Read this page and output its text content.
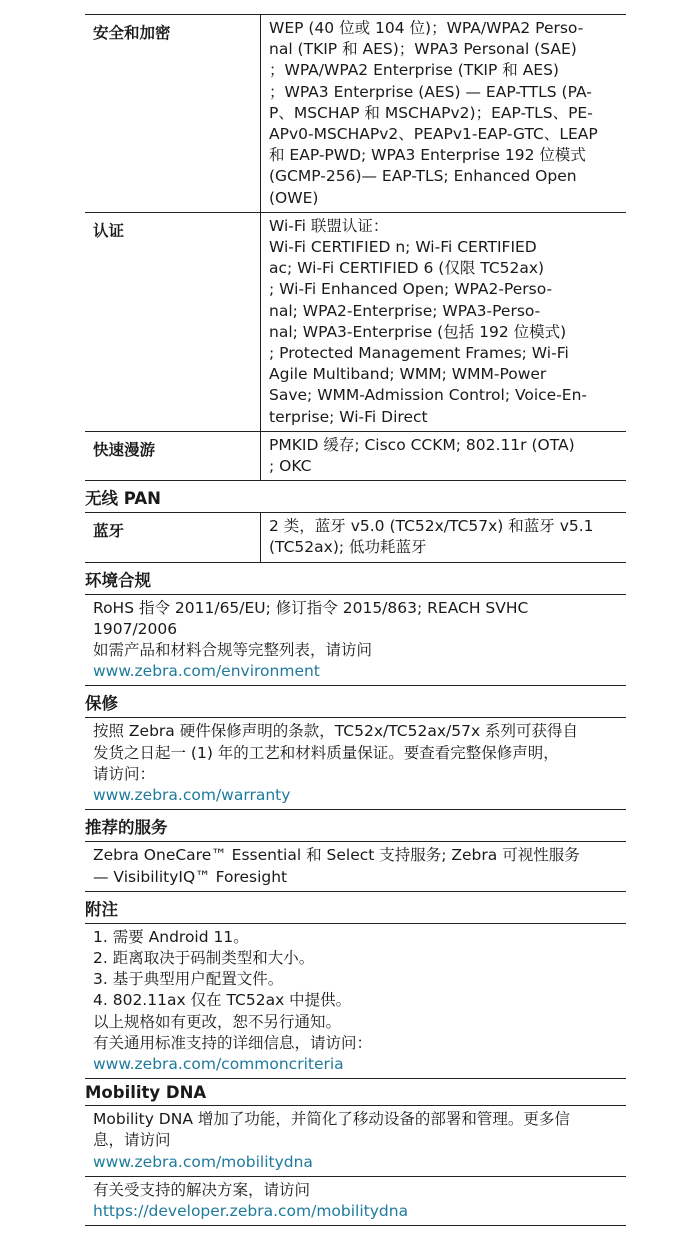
安全和加密	WEP (40 位或 104 位)；WPA/WPA2 Perso-
nal (TKIP 和 AES)；WPA3 Personal (SAE)
；WPA/WPA2 Enterprise (TKIP 和 AES)
；WPA3 Enterprise (AES) — EAP-TTLS (PA-
P、MSCHAP 和 MSCHAPv2)；EAP-TLS、PE-
APv0-MSCHAPv2、PEAPv1-EAP-GTC、LEAP
和 EAP-PWD; WPA3 Enterprise 192 位模式
(GCMP-256)— EAP-TLS; Enhanced Open
(OWE)
认证	Wi-Fi 联盟认证：
Wi-Fi CERTIFIED n; Wi-Fi CERTIFIED
ac; Wi-Fi CERTIFIED 6 (仅限 TC52ax)
; Wi-Fi Enhanced Open; WPA2-Perso-
nal; WPA2-Enterprise; WPA3-Perso-
nal; WPA3-Enterprise (包括 192 位模式)
; Protected Management Frames; Wi-Fi
Agile Multiband; WMM; WMM-Power
Save; WMM-Admission Control; Voice-En-
terprise; Wi-Fi Direct
快速漫游	PMKID 缓存; Cisco CCKM; 802.11r (OTA)
; OKC
无线 PAN
蓝牙	2 类，蓝牙 v5.0 (TC52x/TC57x) 和蓝牙 v5.1
(TC52ax); 低功耗蓝牙
环境合规
RoHS 指令 2011/65/EU; 修订指令 2015/863; REACH SVHC
1907/2006
如需产品和材料合规等完整列表，请访问
www.zebra.com/environment
保修
按照 Zebra 硬件保修声明的条款，TC52x/TC52ax/57x 系列可获得自
发货之日起一 (1) 年的工艺和材料质量保证。要查看完整保修声明，
请访问：
www.zebra.com/warranty
推荐的服务
Zebra OneCare™ Essential 和 Select 支持服务; Zebra 可视性服务
— VisibilityIQ™ Foresight
附注
1. 需要 Android 11。
2. 距离取决于码制类型和大小。
3. 基于典型用户配置文件。
4. 802.11ax 仅在 TC52ax 中提供。
以上规格如有更改，恕不另行通知。
有关通用标准支持的详细信息，请访问：
www.zebra.com/commoncriteria
Mobility DNA
Mobility DNA 增加了功能，并简化了移动设备的部署和管理。更多信
息，请访问
www.zebra.com/mobilitydna
有关受支持的解决方案，请访问
https://developer.zebra.com/mobilitydna
